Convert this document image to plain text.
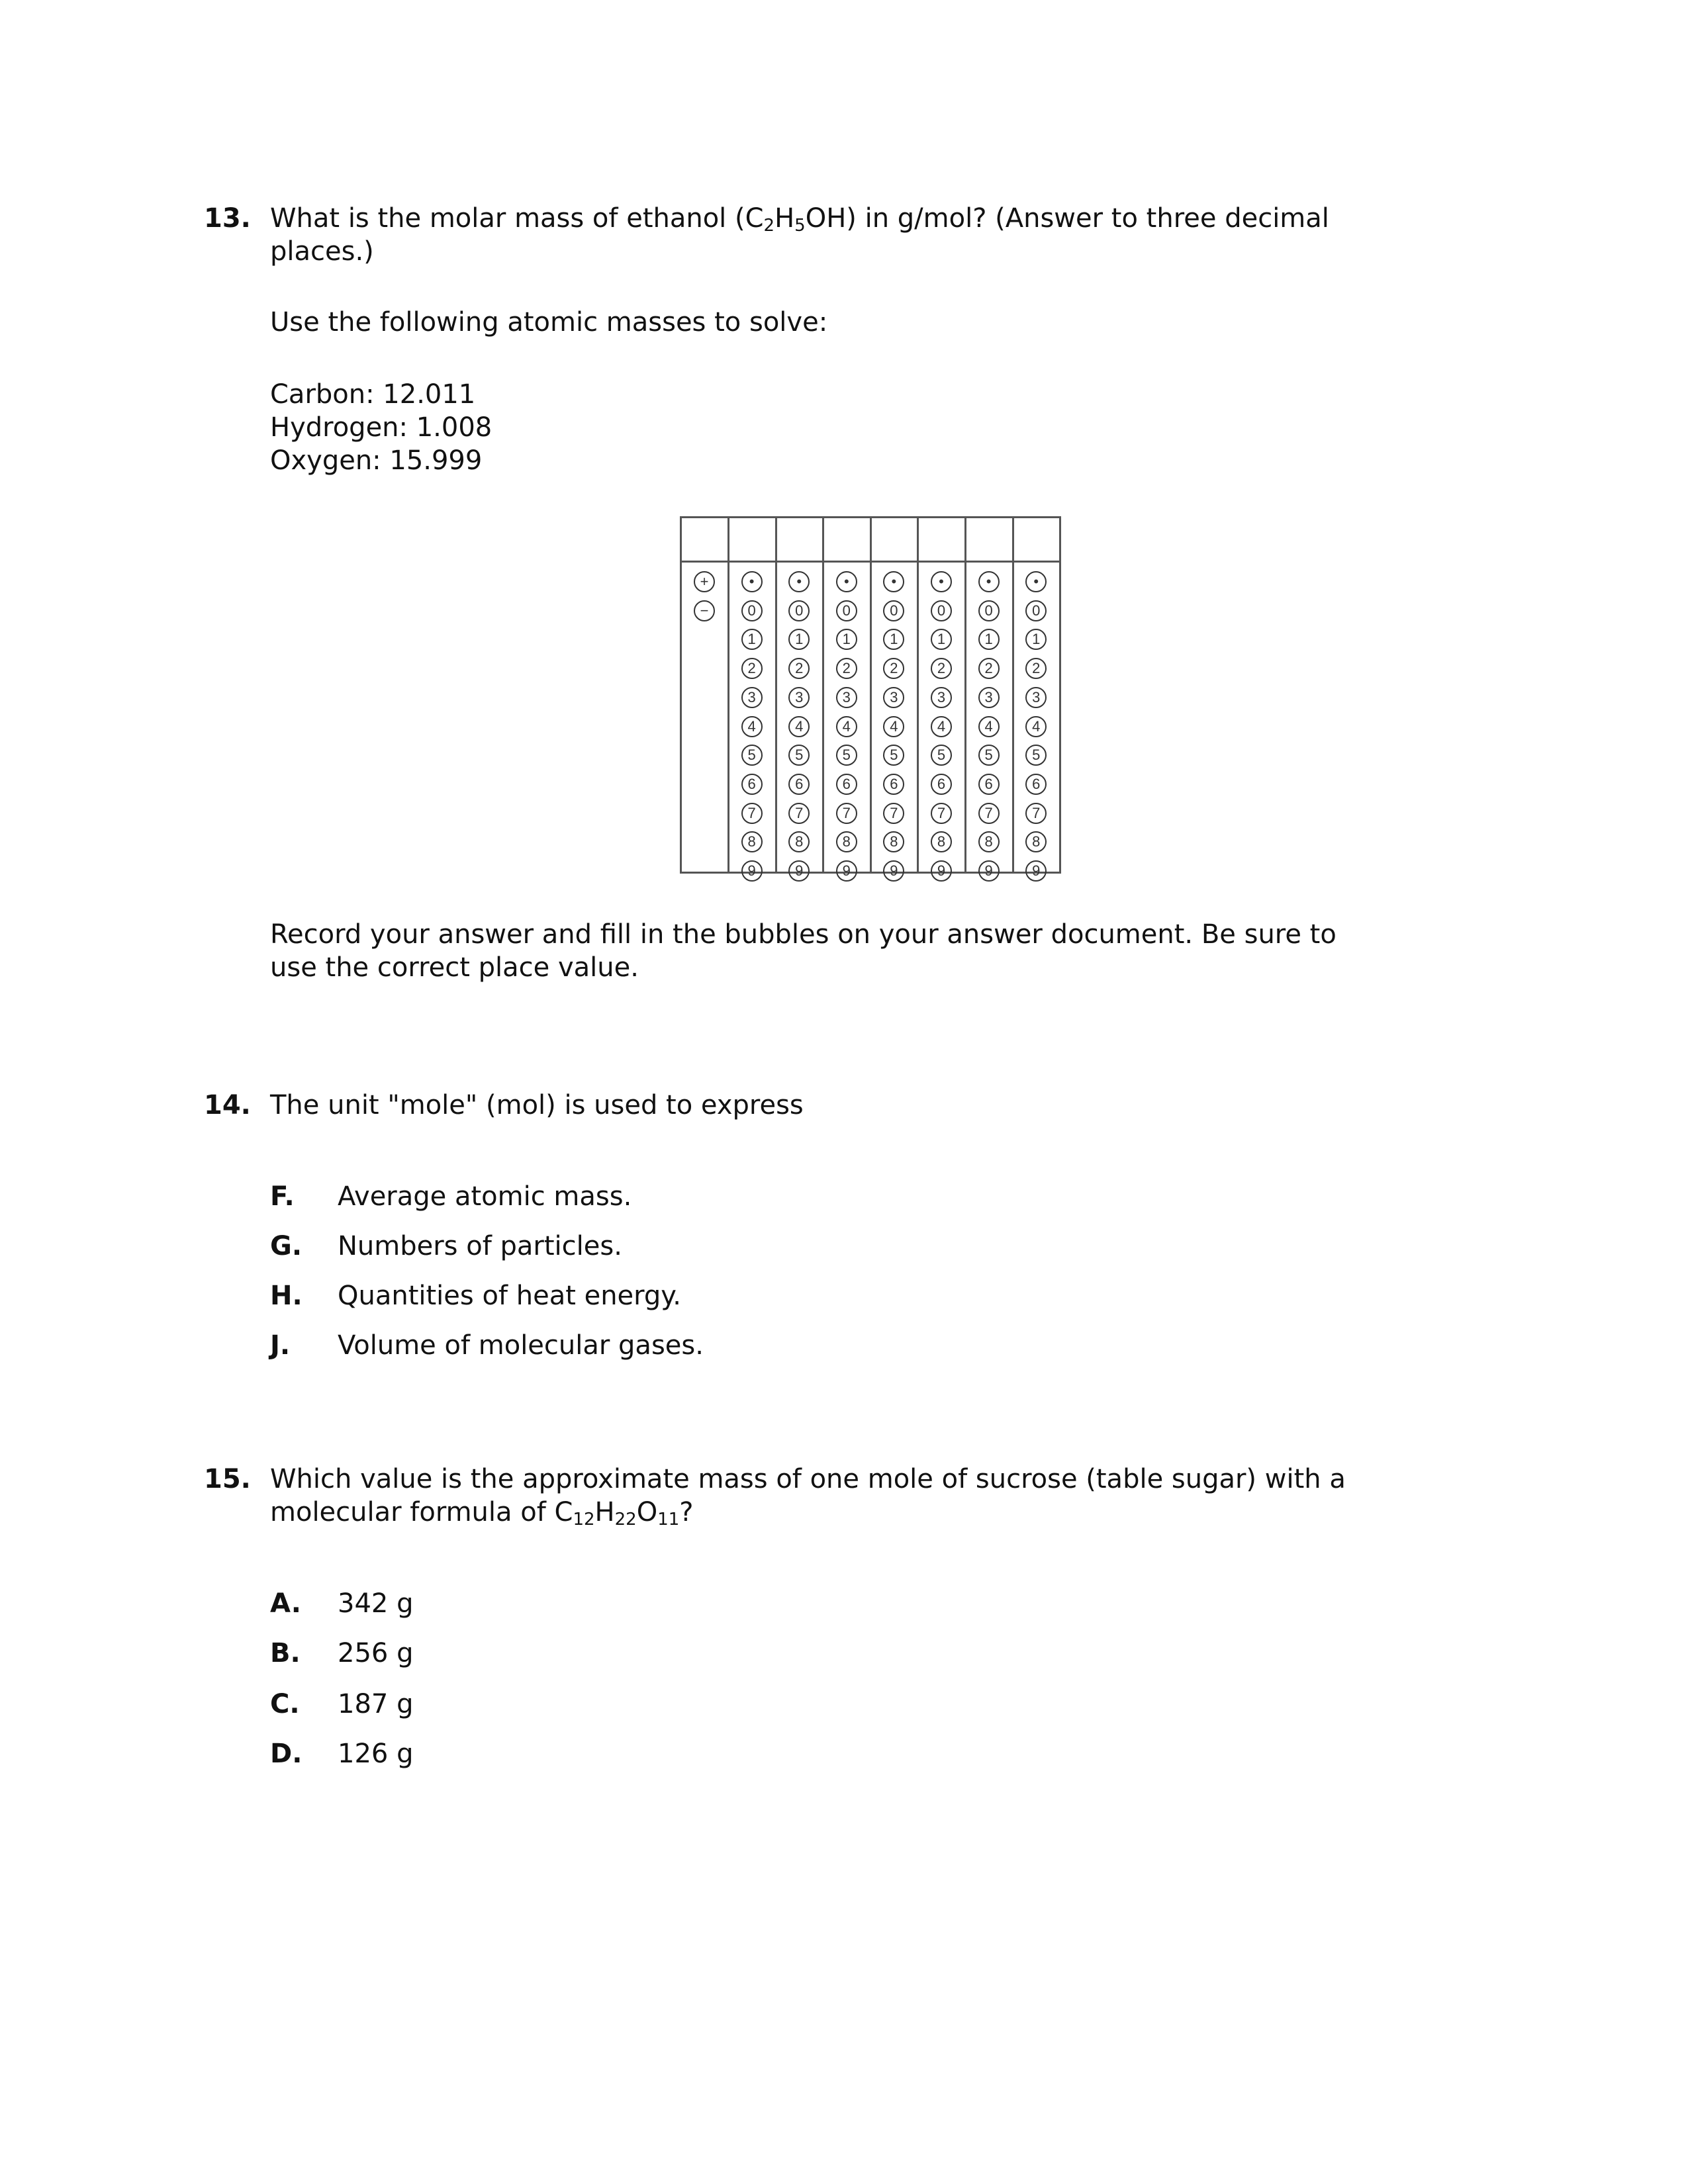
13. What is the molar mass of ethanol $(C_2H_5OH)$ in g/mol? (Answer to three decimal
places.)
Use the following atomic masses to solve:
Carbon: 12.011
Hydrogen: 1.008
Oxygen: 15.999
+
−
•
0
1
2
3
4
5
6
7
8
9
•
0
1
2
3
4
5
6
7
8
9
•
0
1
2
3
4
5
6
7
8
9
•
0
1
2
3
4
5
6
7
8
9
•
0
1
2
3
4
5
6
7
8
9
•
0
1
2
3
4
5
6
7
8
9
•
0
1
2
3
4
5
6
7
8
9
Record your answer and fill in the bubbles on your answer document. Be sure to
use the correct place value.
14. The unit "mole" (mol) is used to express
F. Average atomic mass.
G. Numbers of particles.
H. Quantities of heat energy.
J. Volume of molecular gases.
15. Which value is the approximate mass of one mole of sucrose (table sugar) with a
molecular formula of $C_{12}H_{22}O_{11}$?
A. 342 g
B. 256 g
C. 187 g
D. 126 g
